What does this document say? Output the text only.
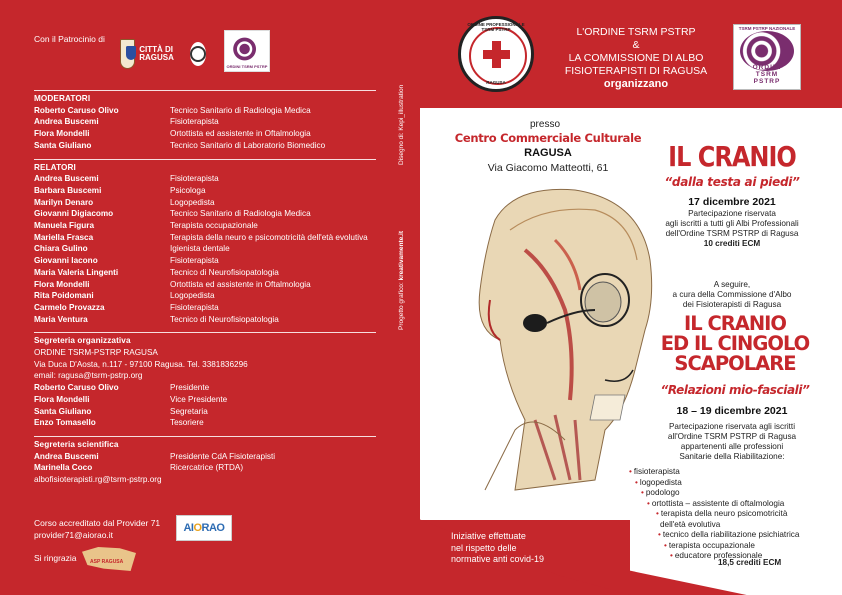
Con il Patrocinio di
CITTÀ DI RAGUSA
ORDINI TSRM PSTRP
MODERATORI
Roberto Caruso Olivo	Tecnico Sanitario di Radiologia Medica
Andrea Buscemi	Fisioterapista
Flora Mondelli	Ortottista ed assistente in Oftalmologia
Santa Giuliano	Tecnico Sanitario di Laboratorio Biomedico
RELATORI
Andrea Buscemi	Fisioterapista
Barbara Buscemi	Psicologa
Marilyn Denaro	Logopedista
Giovanni Digiacomo	Tecnico Sanitario di Radiologia Medica
Manuela Figura	Terapista occupazionale
Mariella Frasca	Terapista della neuro e psicomotricità dell'età evolutiva
Chiara Gulino	Igienista dentale
Giovanni Iacono	Fisioterapista
Maria Valeria Lingenti	Tecnico di Neurofisiopatologia
Flora Mondelli	Ortottista ed assistente in Oftalmologia
Rita Poidomani	Logopedista
Carmelo Provazza	Fisioterapista
Maria Ventura	Tecnico di Neurofisiopatologia
Segreteria organizzativa
ORDINE TSRM-PSTRP RAGUSA
Via Duca D'Aosta, n.117 - 97100 Ragusa. Tel. 3381836296
email: ragusa@tsrm-pstrp.org
Roberto Caruso Olivo	Presidente
Flora Mondelli	Vice Presidente
Santa Giuliano	Segretaria
Enzo Tomasello	Tesoriere
Segreteria scientifica
Andrea Buscemi	Presidente CdA Fisioterapisti
Marinella Coco	Ricercatrice (RTDA)
albofisioterapisti.rg@tsrm-pstrp.org
Corso accreditato dal Provider 71
provider71@aiorao.it
AI O RAO
Si ringrazia	ASP RAGUSA
Disegno di: Kepi_illustration
Progetto grafico: kreativamente.it
ORDINE PROFESSIONALE TSRM PSTRP
RAGUSA
L'ORDINE TSRM PSTRP
&
LA COMMISSIONE DI ALBO
FISIOTERAPISTI DI RAGUSA
organizzano
TSRM PSTRP NAZIONALE
ORDINI
TSRM
PSTRP
presso
Centro Commerciale Culturale
RAGUSA
Via Giacomo Matteotti, 61	IL CRANIO
“dalla testa ai piedi”
17 dicembre 2021
Partecipazione riservata
agli iscritti a tutti gli Albi Professionali
dell'Ordine TSRM PSTRP di Ragusa
10 crediti ECM
A seguire,
a cura della Commissione d'Albo
dei Fisioterapisti di Ragusa
IL CRANIO
ED IL CINGOLO
SCAPOLARE
“Relazioni mio-fasciali”
18 – 19 dicembre 2021
Partecipazione riservata agli iscritti
all'Ordine TSRM PSTRP di Ragusa
appartenenti alle professioni
Sanitarie della Riabilitazione:
• fisioterapista
• logopedista
• podologo
• ortottista – assistente di oftalmologia
• terapista della neuro psicomotricità
dell'età evolutiva
• tecnico della riabilitazione psichiatrica
• terapista occupazionale
• educatore professionale
18,5 crediti ECM
Iniziative effettuate
nel rispetto delle
normative anti covid-19
